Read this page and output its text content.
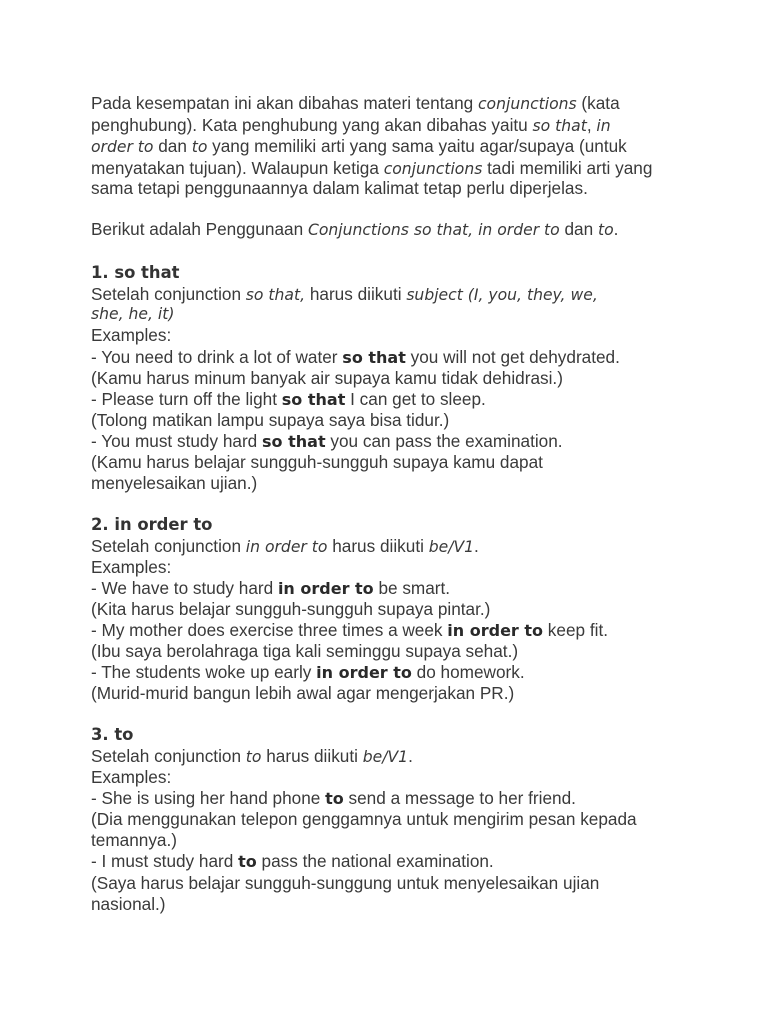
Pada kesempatan ini akan dibahas materi tentang conjunctions (kata
penghubung). Kata penghubung yang akan dibahas yaitu so that, in
order to dan to yang memiliki arti yang sama yaitu agar/supaya (untuk
menyatakan tujuan). Walaupun ketiga conjunctions tadi memiliki arti yang
sama tetapi penggunaannya dalam kalimat tetap perlu diperjelas.
Berikut adalah Penggunaan Conjunctions so that, in order to dan to.
1. so that
Setelah conjunction so that, harus diikuti subject (I, you, they, we,
she, he, it)
Examples:
- You need to drink a lot of water so that you will not get dehydrated.
(Kamu harus minum banyak air supaya kamu tidak dehidrasi.)
- Please turn off the light so that I can get to sleep.
(Tolong matikan lampu supaya saya bisa tidur.)
- You must study hard so that you can pass the examination.
(Kamu harus belajar sungguh-sungguh supaya kamu dapat
menyelesaikan ujian.)
2. in order to
Setelah conjunction in order to harus diikuti be/V1.
Examples:
- We have to study hard in order to be smart.
(Kita harus belajar sungguh-sungguh supaya pintar.)
- My mother does exercise three times a week in order to keep fit.
(Ibu saya berolahraga tiga kali seminggu supaya sehat.)
- The students woke up early in order to do homework.
(Murid-murid bangun lebih awal agar mengerjakan PR.)
3. to
Setelah conjunction to harus diikuti be/V1.
Examples:
- She is using her hand phone to send a message to her friend.
(Dia menggunakan telepon genggamnya untuk mengirim pesan kepada
temannya.)
- I must study hard to pass the national examination.
(Saya harus belajar sungguh-sunggung untuk menyelesaikan ujian
nasional.)
